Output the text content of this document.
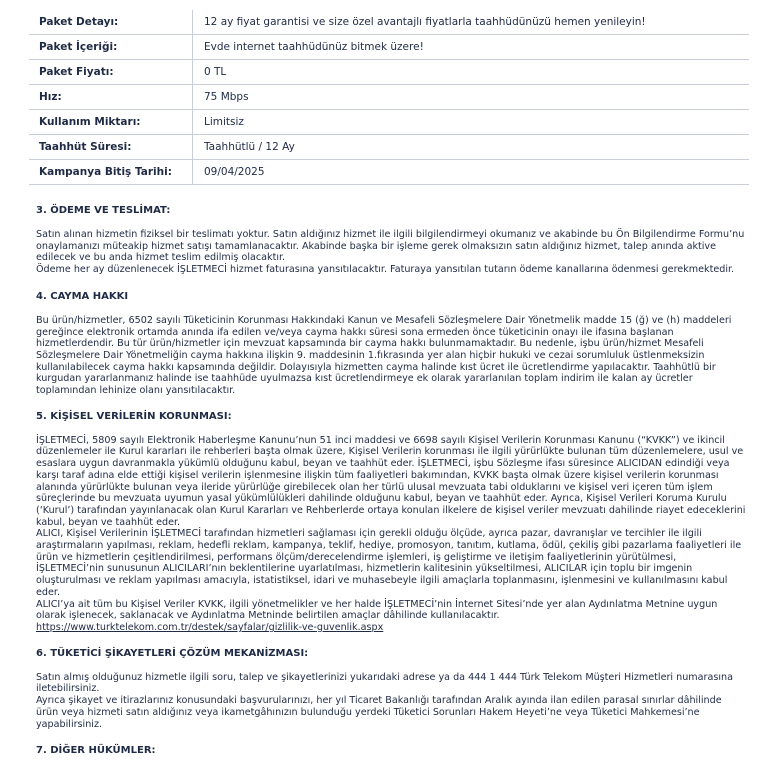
Paket Detayı:	12 ay fiyat garantisi ve size özel avantajlı fiyatlarla taahhüdünüzü hemen yenileyin!
Paket İçeriği:	Evde internet taahhüdünüz bitmek üzere!
Paket Fiyatı:	0 TL
Hız:	75 Mbps
Kullanım Miktarı:	Limitsiz
Taahhüt Süresi:	Taahhütlü / 12 Ay
Kampanya Bitiş Tarihi:	09/04/2025
3. ÖDEME VE TESLİMAT:

Satın alınan hizmetin fiziksel bir teslimatı yoktur. Satın aldığınız hizmet ile ilgili bilgilendirmeyi okumanız ve akabinde bu Ön Bilgilendirme Formu’nu onaylamanızı müteakip hizmet satışı tamamlanacaktır. Akabinde başka bir işleme gerek olmaksızın satın aldığınız hizmet, talep anında aktive edilecek ve bu anda hizmet teslim edilmiş olacaktır.

Ödeme her ay düzenlenecek İŞLETMECİ hizmet faturasına yansıtılacaktır. Faturaya yansıtılan tutarın ödeme kanallarına ödenmesi gerekmektedir.

4. CAYMA HAKKI

Bu ürün/hizmetler, 6502 sayılı Tüketicinin Korunması Hakkındaki Kanun ve Mesafeli Sözleşmelere Dair Yönetmelik madde 15 (ğ) ve (h) maddeleri gereğince elektronik ortamda anında ifa edilen ve/veya cayma hakkı süresi sona ermeden önce tüketicinin onayı ile ifasına başlanan hizmetlerdendir. Bu tür ürün/hizmetler için mevzuat kapsamında bir cayma hakkı bulunmamaktadır. Bu nedenle, işbu ürün/hizmet Mesafeli Sözleşmelere Dair Yönetmeliğin cayma hakkına ilişkin 9. maddesinin 1.fıkrasında yer alan hiçbir hukuki ve cezai sorumluluk üstlenmeksizin kullanılabilecek cayma hakkı kapsamında değildir. Dolayısıyla hizmetten cayma halinde kıst ücret ile ücretlendirme yapılacaktır. Taahhütlü bir kurgudan yararlanmanız halinde ise taahhüde uyulmazsa kıst ücretlendirmeye ek olarak yararlanılan toplam indirim ile kalan ay ücretler toplamından lehinize olanı yansıtılacaktır.

5. KİŞİSEL VERİLERİN KORUNMASI:

İŞLETMECİ, 5809 sayılı Elektronik Haberleşme Kanunu’nun 51 inci maddesi ve 6698 sayılı Kişisel Verilerin Korunması Kanunu (“KVKK”) ve ikincil düzenlemeler ile Kurul kararları ile rehberleri başta olmak üzere, Kişisel Verilerin korunması ile ilgili yürürlükte bulunan tüm düzenlemelere, usul ve esaslara uygun davranmakla yükümlü olduğunu kabul, beyan ve taahhüt eder. İŞLETMECİ, işbu Sözleşme ifası süresince ALICIDAN edindiği veya karşı taraf adına elde ettiği kişisel verilerin işlenmesine ilişkin tüm faaliyetleri bakımından, KVKK başta olmak üzere kişisel verilerin korunması alanında yürürlükte bulunan veya ileride yürürlüğe girebilecek olan her türlü ulusal mevzuata tabi olduklarını ve kişisel veri içeren tüm işlem süreçlerinde bu mevzuata uyumun yasal yükümlülükleri dahilinde olduğunu kabul, beyan ve taahhüt eder. Ayrıca, Kişisel Verileri Koruma Kurulu (‘Kurul’) tarafından yayınlanacak olan Kurul Kararları ve Rehberlerde ortaya konulan ilkelere de kişisel veriler mevzuatı dahilinde riayet edeceklerini kabul, beyan ve taahhüt eder.

ALICI, Kişisel Verilerinin İŞLETMECİ tarafından hizmetleri sağlaması için gerekli olduğu ölçüde, ayrıca pazar, davranışlar ve tercihler ile ilgili araştırmaların yapılması, reklam, hedefli reklam, kampanya, teklif, hediye, promosyon, tanıtım, kutlama, ödül, çekiliş gibi pazarlama faaliyetleri ile ürün ve hizmetlerin çeşitlendirilmesi, performans ölçüm/derecelendirme işlemleri, iş geliştirme ve iletişim faaliyetlerinin yürütülmesi, İŞLETMECİ’nin sunusunun ALICILARI’nın beklentilerine uyarlatılması, hizmetlerin kalitesinin yükseltilmesi, ALICILAR için toplu bir imgenin oluşturulması ve reklam yapılması amacıyla, istatistiksel, idari ve muhasebeyle ilgili amaçlarla toplanmasını, işlenmesini ve kullanılmasını kabul eder.

ALICI’ya ait tüm bu Kişisel Veriler KVKK, ilgili yönetmelikler ve her halde İŞLETMECİ’nin İnternet Sitesi’nde yer alan Aydınlatma Metnine uygun olarak işlenecek, saklanacak ve Aydınlatma Metninde belirtilen amaçlar dâhilinde kullanılacaktır.

https://www.turktelekom.com.tr/destek/sayfalar/gizlilik-ve-guvenlik.aspx

6. TÜKETİCİ ŞİKAYETLERİ ÇÖZÜM MEKANİZMASI:

Satın almış olduğunuz hizmetle ilgili soru, talep ve şikayetlerinizi yukarıdaki adrese ya da 444 1 444 Türk Telekom Müşteri Hizmetleri numarasına iletebilirsiniz.

Ayrıca şikayet ve itirazlarınız konusundaki başvurularınızı, her yıl Ticaret Bakanlığı tarafından Aralık ayında ilan edilen parasal sınırlar dâhilinde ürün veya hizmeti satın aldığınız veya ikametgâhınızın bulunduğu yerdeki Tüketici Sorunları Hakem Heyeti’ne veya Tüketici Mahkemesi’ne yapabilirsiniz.

7. DİĞER HÜKÜMLER:
